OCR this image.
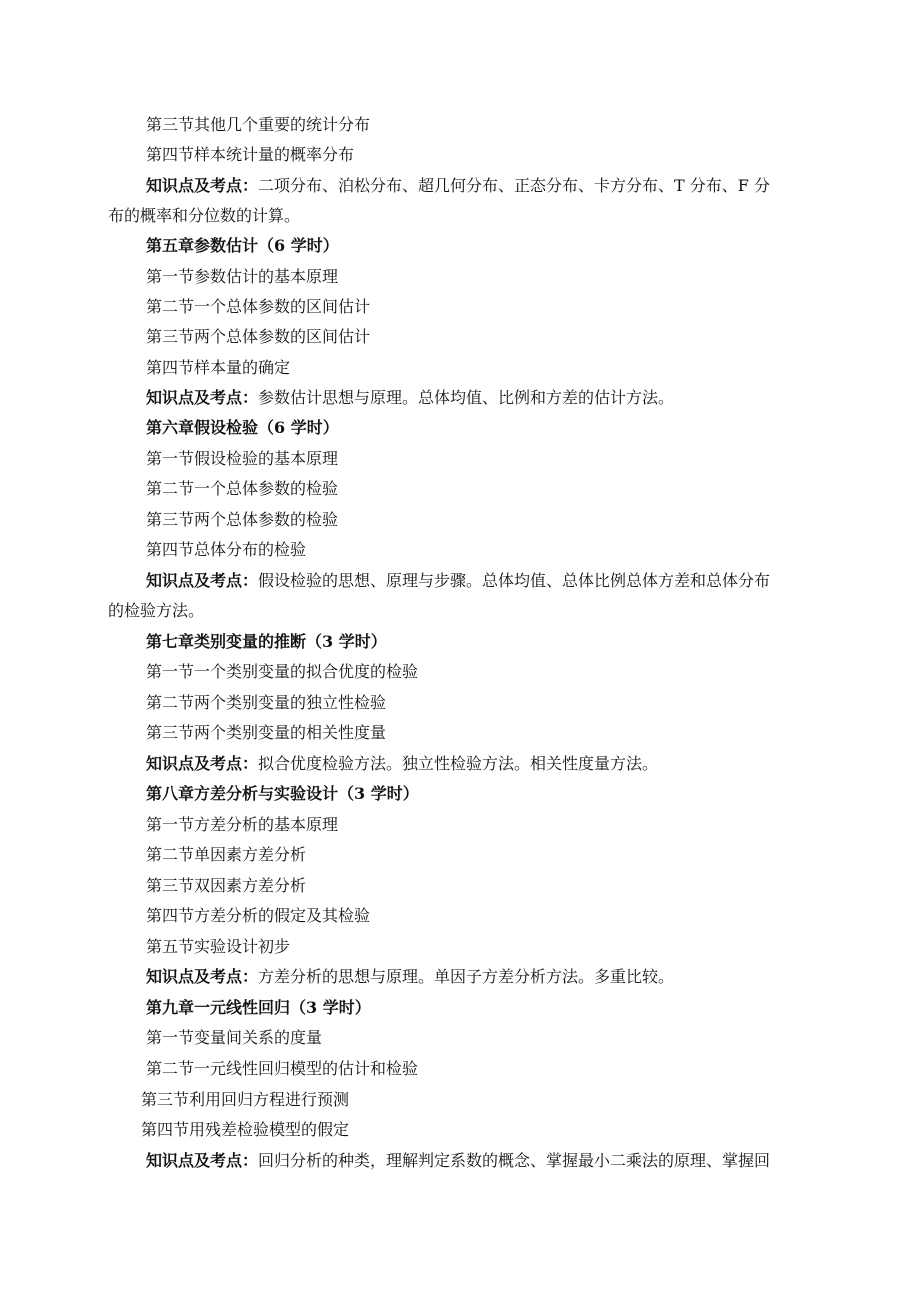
第三节其他几个重要的统计分布
第四节样本统计量的概率分布
知识点及考点：二项分布、泊松分布、超几何分布、正态分布、卡方分布、T 分布、F 分
布的概率和分位数的计算。
第五章参数估计（6 学时）
第一节参数估计的基本原理
第二节一个总体参数的区间估计
第三节两个总体参数的区间估计
第四节样本量的确定
知识点及考点：参数估计思想与原理。总体均值、比例和方差的估计方法。
第六章假设检验（6 学时）
第一节假设检验的基本原理
第二节一个总体参数的检验
第三节两个总体参数的检验
第四节总体分布的检验
知识点及考点：假设检验的思想、原理与步骤。总体均值、总体比例总体方差和总体分布
的检验方法。
第七章类别变量的推断（3 学时）
第一节一个类别变量的拟合优度的检验
第二节两个类别变量的独立性检验
第三节两个类别变量的相关性度量
知识点及考点：拟合优度检验方法。独立性检验方法。相关性度量方法。
第八章方差分析与实验设计（3 学时）
第一节方差分析的基本原理
第二节单因素方差分析
第三节双因素方差分析
第四节方差分析的假定及其检验
第五节实验设计初步
知识点及考点：方差分析的思想与原理。单因子方差分析方法。多重比较。
第九章一元线性回归（3 学时）
第一节变量间关系的度量
第二节一元线性回归模型的估计和检验
第三节利用回归方程进行预测
第四节用残差检验模型的假定
知识点及考点：回归分析的种类，理解判定系数的概念、掌握最小二乘法的原理、掌握回
